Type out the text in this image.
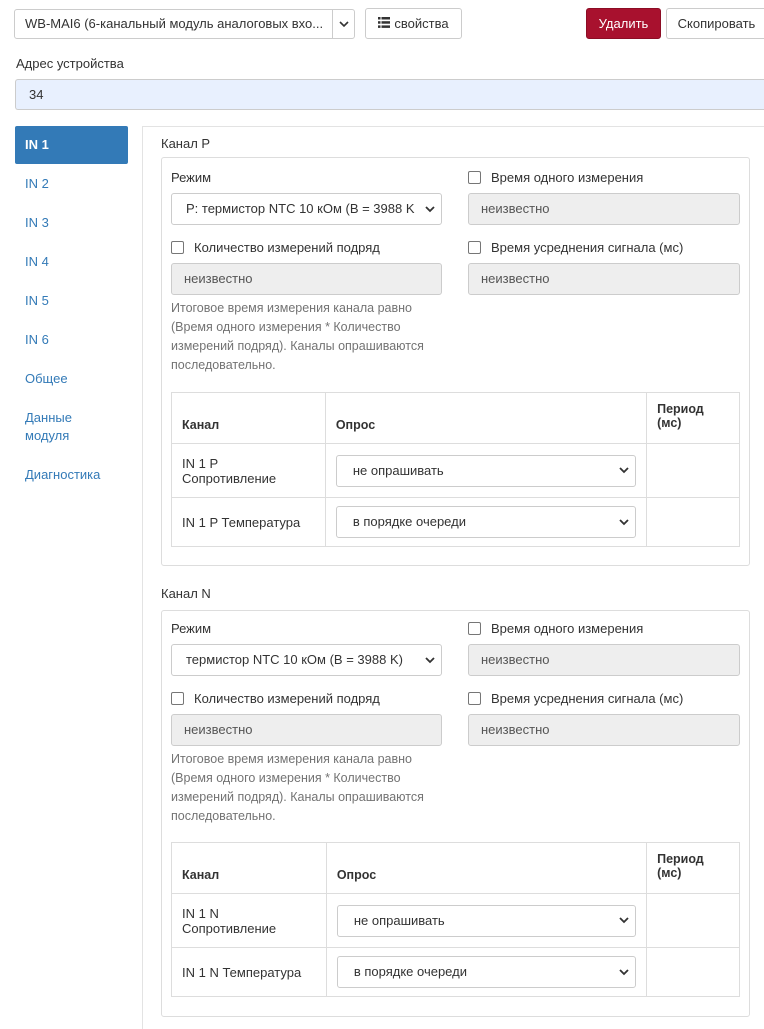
WB-MAI6 (6-канальный модуль аналоговых вхо...	свойства	Удалить	Скопировать
Адрес устройства
34
IN 1
IN 2
IN 3
IN 4
IN 5
IN 6
Общее
Данные модуля
Диагностика
Канал P
Режим
P: термистор NTC 10 кОм (B = 3988 K
Время одного измерения
неизвестно
Количество измерений подряд
неизвестно
Время усреднения сигнала (мс)
неизвестно
Итоговое время измерения канала равно (Время одного измерения * Количество измерений подряд). Каналы опрашиваются последовательно.
Канал	Опрос	Период (мс)
IN 1 P Сопротивление	не опрашивать	

IN 1 P Температура	в порядке очереди	

Канал N
Режим
термистор NTC 10 кОм (B = 3988 K)
Время одного измерения
неизвестно
Количество измерений подряд
неизвестно
Время усреднения сигнала (мс)
неизвестно
Итоговое время измерения канала равно (Время одного измерения * Количество измерений подряд). Каналы опрашиваются последовательно.
Канал	Опрос	Период (мс)
IN 1 N Сопротивление	не опрашивать	

IN 1 N Температура	в порядке очереди	
